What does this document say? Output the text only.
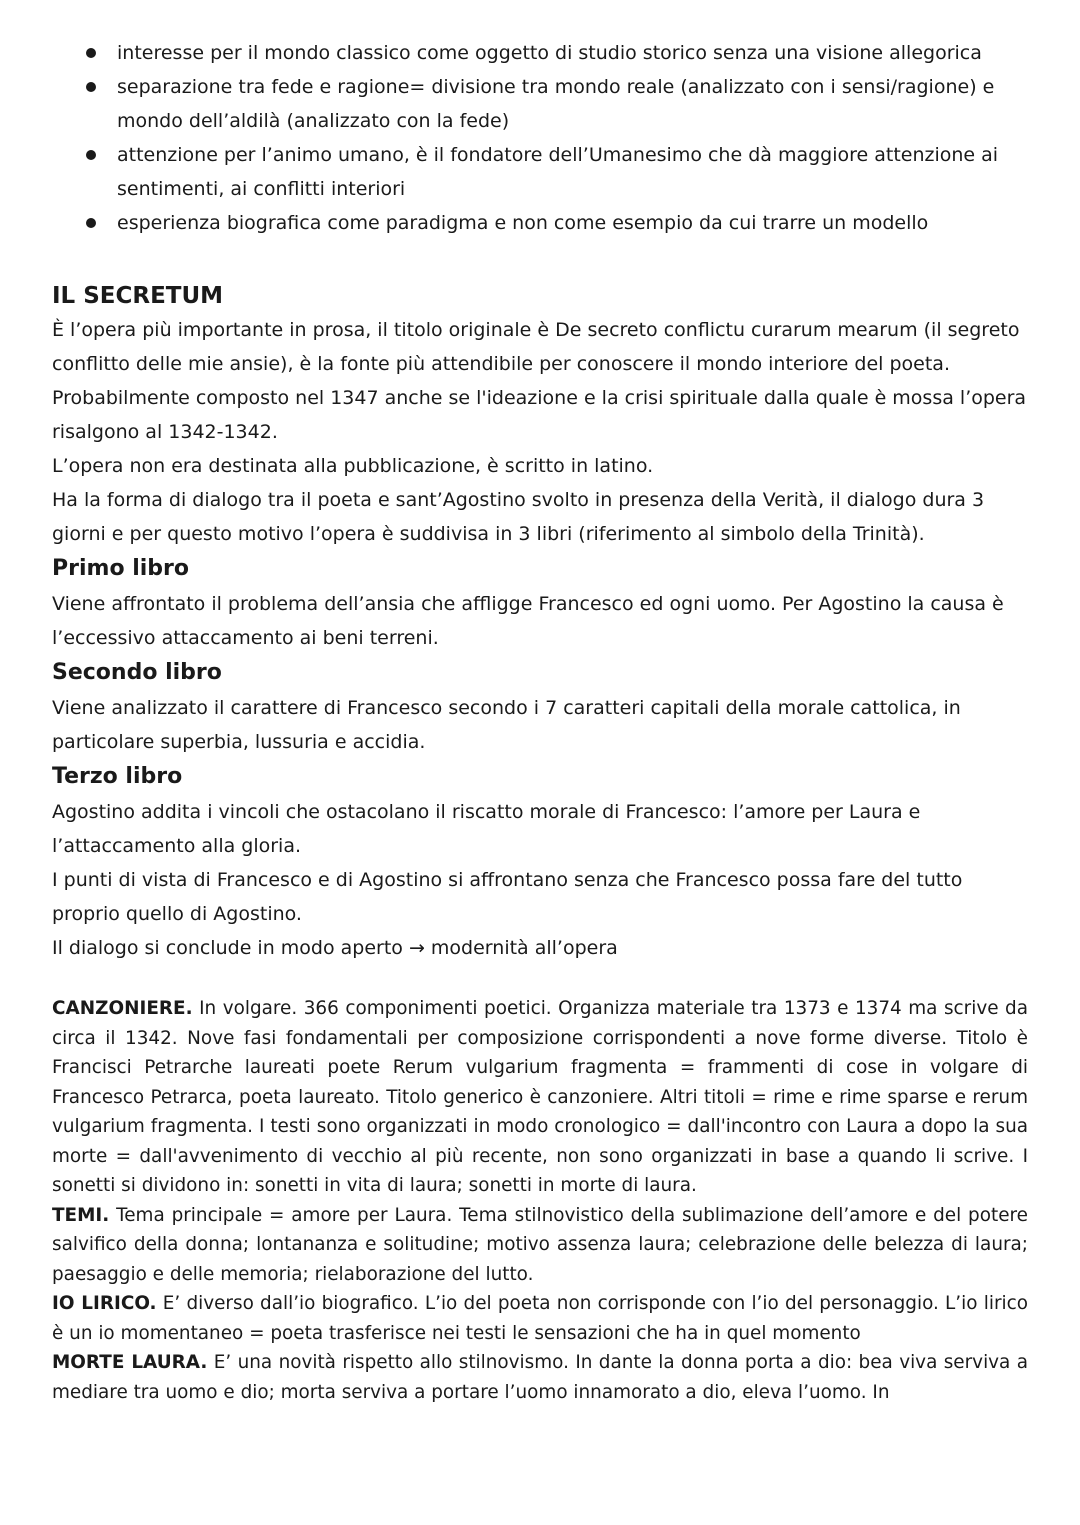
interesse per il mondo classico come oggetto di studio storico senza una visione allegorica
separazione tra fede e ragione= divisione tra mondo reale (analizzato con i sensi/ragione) e mondo dell’aldilà (analizzato con la fede)
attenzione per l’animo umano, è il fondatore dell’Umanesimo che dà maggiore attenzione ai sentimenti, ai conflitti interiori
esperienza biografica come paradigma e non come esempio da cui trarre un modello
IL SECRETUM

È l’opera più importante in prosa, il titolo originale è De secreto conflictu curarum mearum (il segreto conflitto delle mie ansie), è la fonte più attendibile per conoscere il mondo interiore del poeta.

Probabilmente composto nel 1347 anche se l'ideazione e la crisi spirituale dalla quale è mossa l’opera risalgono al 1342-1342.

L’opera non era destinata alla pubblicazione, è scritto in latino.

Ha la forma di dialogo tra il poeta e sant’Agostino svolto in presenza della Verità, il dialogo dura 3 giorni e per questo motivo l’opera è suddivisa in 3 libri (riferimento al simbolo della Trinità).

Primo libro

Viene affrontato il problema dell’ansia che affligge Francesco ed ogni uomo. Per Agostino la causa è l’eccessivo attaccamento ai beni terreni.

Secondo libro

Viene analizzato il carattere di Francesco secondo i 7 caratteri capitali della morale cattolica, in particolare superbia, lussuria e accidia.

Terzo libro

Agostino addita i vincoli che ostacolano il riscatto morale di Francesco: l’amore per Laura e l’attaccamento alla gloria.

I punti di vista di Francesco e di Agostino si affrontano senza che Francesco possa fare del tutto proprio quello di Agostino.

Il dialogo si conclude in modo aperto → modernità all’opera

CANZONIERE. In volgare. 366 componimenti poetici. Organizza materiale tra 1373 e 1374 ma scrive da circa il 1342. Nove fasi fondamentali per composizione corrispondenti a nove forme diverse. Titolo è Francisci Petrarche laureati poete Rerum vulgarium fragmenta = frammenti di cose in volgare di Francesco Petrarca, poeta laureato. Titolo generico è canzoniere. Altri titoli = rime e rime sparse e rerum vulgarium fragmenta. I testi sono organizzati in modo cronologico = dall'incontro con Laura a dopo la sua morte = dall'avvenimento di vecchio al più recente, non sono organizzati in base a quando li scrive. I sonetti si dividono in: sonetti in vita di laura; sonetti in morte di laura.

TEMI. Tema principale = amore per Laura. Tema stilnovistico della sublimazione dell’amore e del potere salvifico della donna; lontananza e solitudine; motivo assenza laura; celebrazione delle belezza di laura; paesaggio e delle memoria; rielaborazione del lutto.

IO LIRICO. E’ diverso dall’io biografico. L’io del poeta non corrisponde con l’io del personaggio. L’io lirico è un io momentaneo = poeta trasferisce nei testi le sensazioni che ha in quel momento

MORTE LAURA. E’ una novità rispetto allo stilnovismo. In dante la donna porta a dio: bea viva serviva a mediare tra uomo e dio; morta serviva a portare l’uomo innamorato a dio, eleva l’uomo. In
